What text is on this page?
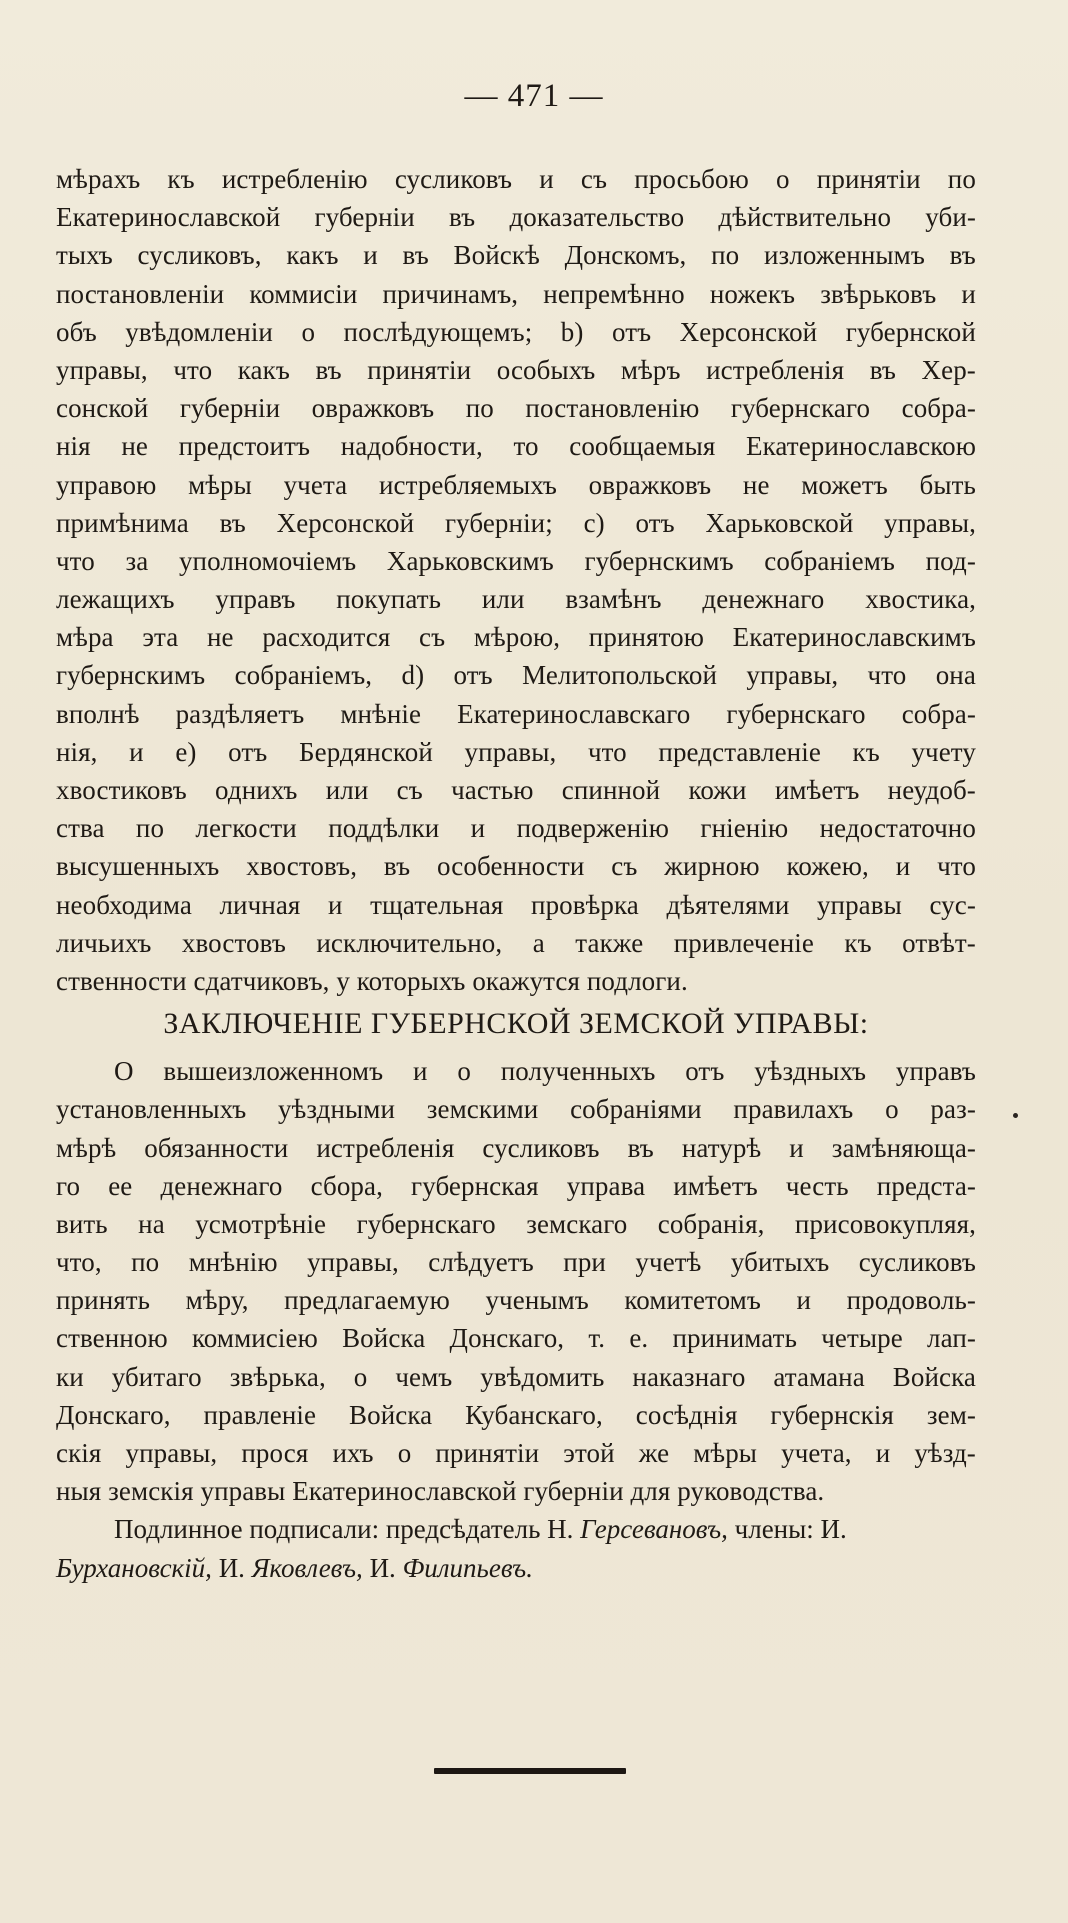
— 471 —
мѣрахъ къ истребленію сусликовъ и съ просьбою о принятіи по
Екатеринославской губерніи въ доказательство дѣйствительно уби-
тыхъ сусликовъ, какъ и въ Войскѣ Донскомъ, по изложеннымъ въ
постановленіи коммисіи причинамъ, непремѣнно ножекъ звѣрьковъ и
объ увѣдомленіи о послѣдующемъ; b) отъ Херсонской губернской
управы, что какъ въ принятіи особыхъ мѣръ истребленія въ Хер-
сонской губерніи овражковъ по постановленію губернскаго собра-
нія не предстоитъ надобности, то сообщаемыя Екатеринославскою
управою мѣры учета истребляемыхъ овражковъ не можетъ быть
примѣнима въ Херсонской губерніи; c) отъ Харьковской управы,
что за уполномочіемъ Харьковскимъ губернскимъ собраніемъ под-
лежащихъ управъ покупать или взамѣнъ денежнаго хвостика,
мѣра эта не расходится съ мѣрою, принятою Екатеринославскимъ
губернскимъ собраніемъ, d) отъ Мелитопольской управы, что она
вполнѣ раздѣляетъ мнѣніе Екатеринославскаго губернскаго собра-
нія, и е) отъ Бердянской управы, что представленіе къ учету
хвостиковъ однихъ или съ частью спинной кожи имѣетъ неудоб-
ства по легкости поддѣлки и подверженію гніенію недостаточно
высушенныхъ хвостовъ, въ особенности съ жирною кожею, и что
необходима личная и тщательная провѣрка дѣятелями управы сус-
личьихъ хвостовъ исключительно, а также привлеченіе къ отвѣт-
ственности сдатчиковъ, у которыхъ окажутся подлоги.
ЗАКЛЮЧЕНІЕ ГУБЕРНСКОЙ ЗЕМСКОЙ УПРАВЫ:
О вышеизложенномъ и о полученныхъ отъ уѣздныхъ управъ
установленныхъ уѣздными земскими собраніями правилахъ о раз-
мѣрѣ обязанности истребленія сусликовъ въ натурѣ и замѣняюща-
го ее денежнаго сбора, губернская управа имѣетъ честь предста-
вить на усмотрѣніе губернскаго земскаго собранія, присовокупляя,
что, по мнѣнію управы, слѣдуетъ при учетѣ убитыхъ сусликовъ
принять мѣру, предлагаемую ученымъ комитетомъ и продоволь-
ственною коммисіею Войска Донскаго, т. е. принимать четыре лап-
ки убитаго звѣрька, о чемъ увѣдомить наказнаго атамана Войска
Донскаго, правленіе Войска Кубанскаго, сосѣднія губернскія зем-
скія управы, прося ихъ о принятіи этой же мѣры учета, и уѣзд-
ныя земскія управы Екатеринославской губерніи для руководства.
Подлинное подписали: предсѣдатель Н. Герсевановъ, члены: И.
Бурхановскій, И. Яковлевъ, И. Филипьевъ.
